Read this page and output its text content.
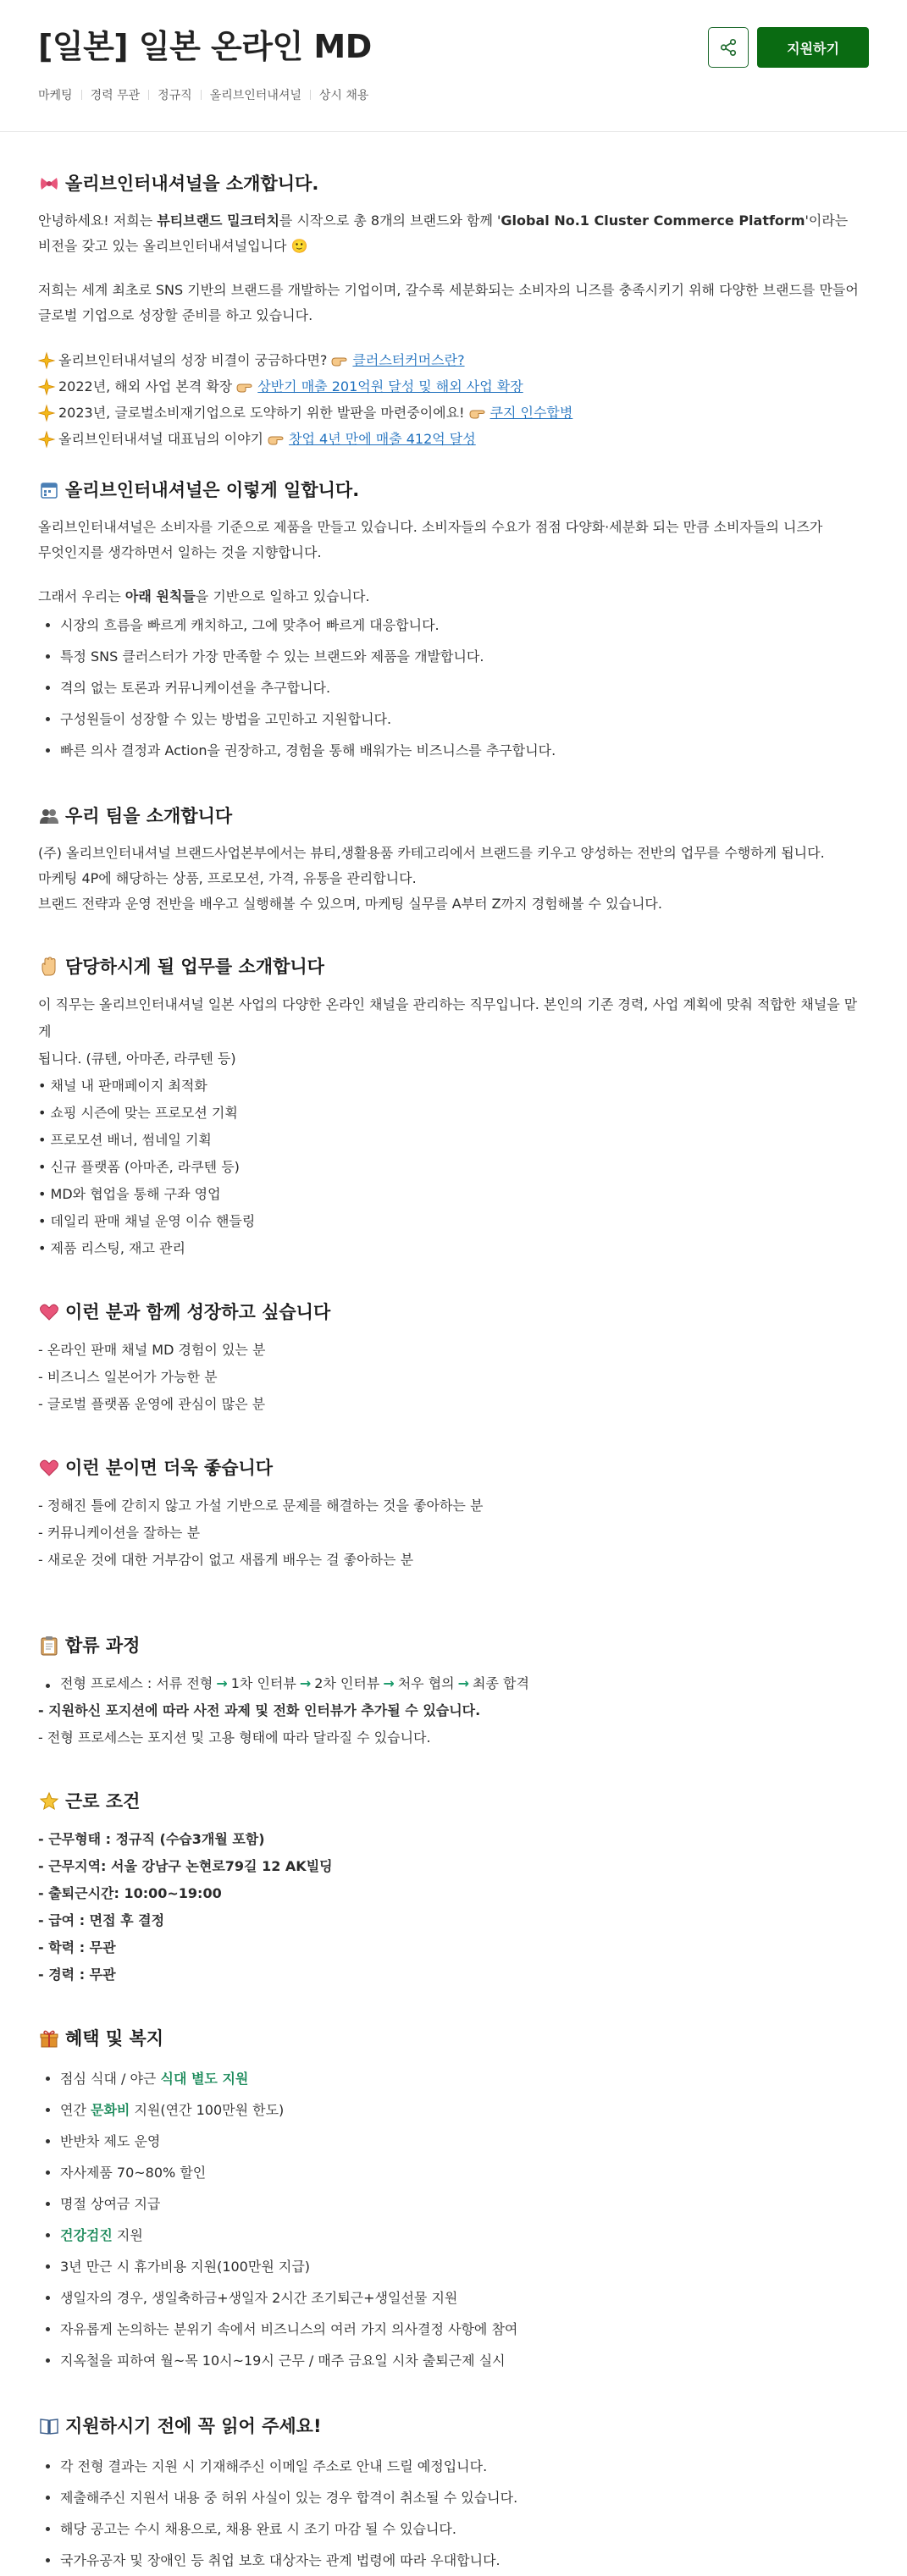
[일본] 일본 온라인 MD
마케팅 경력 무관 정규직 올리브인터내셔널 상시 채용
지원하기
올리브인터내셔널을 소개합니다.

안녕하세요! 저희는 뷰티브랜드 밀크터치를 시작으로 총 8개의 브랜드와 함께 'Global No.1 Cluster Commerce Platform'이라는
비전을 갖고 있는 올리브인터내셔널입니다 🙂

저희는 세계 최초로 SNS 기반의 브랜드를 개발하는 기업이며, 갈수록 세분화되는 소비자의 니즈를 충족시키기 위해 다양한 브랜드를 만들어
글로벌 기업으로 성장할 준비를 하고 있습니다.

올리브인터내셔널의 성장 비결이 궁금하다면? 클러스터커머스란?
2022년, 해외 사업 본격 확장 상반기 매출 201억원 달성 및 해외 사업 확장
2023년, 글로벌소비재기업으로 도약하기 위한 발판을 마련중이에요! 쿠지 인수합병
올리브인터내셔널 대표님의 이야기 창업 4년 만에 매출 412억 달성
올리브인터내셔널은 이렇게 일합니다.

올리브인터내셔널은 소비자를 기준으로 제품을 만들고 있습니다. 소비자들의 수요가 점점 다양화·세분화 되는 만큼 소비자들의 니즈가
무엇인지를 생각하면서 일하는 것을 지향합니다.

그래서 우리는 아래 원칙들을 기반으로 일하고 있습니다.

시장의 흐름을 빠르게 캐치하고, 그에 맞추어 빠르게 대응합니다.
특정 SNS 클러스터가 가장 만족할 수 있는 브랜드와 제품을 개발합니다.
격의 없는 토론과 커뮤니케이션을 추구합니다.
구성원들이 성장할 수 있는 방법을 고민하고 지원합니다.
빠른 의사 결정과 Action을 권장하고, 경험을 통해 배워가는 비즈니스를 추구합니다.
우리 팀을 소개합니다

(주) 올리브인터내셔널 브랜드사업본부에서는 뷰티,생활용품 카테고리에서 브랜드를 키우고 양성하는 전반의 업무를 수행하게 됩니다.

마케팅 4P에 해당하는 상품, 프로모션, 가격, 유통을 관리합니다.

브랜드 전략과 운영 전반을 배우고 실행해볼 수 있으며, 마케팅 실무를 A부터 Z까지 경험해볼 수 있습니다.

담당하시게 될 업무를 소개합니다

이 직무는 올리브인터내셔널 일본 사업의 다양한 온라인 채널을 관리하는 직무입니다. 본인의 기존 경력, 사업 계획에 맞춰 적합한 채널을 맡게

됩니다. (큐텐, 아마존, 라쿠텐 등)

• 채널 내 판매페이지 최적화

• 쇼핑 시즌에 맞는 프로모션 기획

• 프로모션 배너, 썸네일 기획

• 신규 플랫폼 (아마존, 라쿠텐 등)

• MD와 협업을 통해 구좌 영업

• 데일리 판매 채널 운영 이슈 핸들링

• 제품 리스팅, 재고 관리

이런 분과 함께 성장하고 싶습니다

- 온라인 판매 채널 MD 경험이 있는 분

- 비즈니스 일본어가 가능한 분

- 글로벌 플랫폼 운영에 관심이 많은 분

이런 분이면 더욱 좋습니다

- 정해진 틀에 갇히지 않고 가설 기반으로 문제를 해결하는 것을 좋아하는 분

- 커뮤니케이션을 잘하는 분

- 새로운 것에 대한 거부감이 없고 새롭게 배우는 걸 좋아하는 분

합류 과정
전형 프로세스 : 서류 전형 → 1차 인터뷰 → 2차 인터뷰 → 처우 협의 → 최종 합격

- 지원하신 포지션에 따라 사전 과제 및 전화 인터뷰가 추가될 수 있습니다.

- 전형 프로세스는 포지션 및 고용 형태에 따라 달라질 수 있습니다.

근로 조건

- 근무형태 : 정규직 (수습3개월 포함)

- 근무지역: 서울 강남구 논현로79길 12 AK빌딩

- 출퇴근시간: 10:00~19:00

- 급여 : 면접 후 결정

- 학력 : 무관

- 경력 : 무관

혜택 및 복지
점심 식대 / 야근 식대 별도 지원
연간 문화비 지원(연간 100만원 한도)
반반차 제도 운영
자사제품 70~80% 할인
명절 상여금 지급
건강검진 지원
3년 만근 시 휴가비용 지원(100만원 지급)
생일자의 경우, 생일축하금+생일자 2시간 조기퇴근+생일선물 지원
자유롭게 논의하는 분위기 속에서 비즈니스의 여러 가지 의사결정 사항에 참여
지옥철을 피하여 월~목 10시~19시 근무 / 매주 금요일 시차 출퇴근제 실시
지원하시기 전에 꼭 읽어 주세요!
각 전형 결과는 지원 시 기재해주신 이메일 주소로 안내 드릴 예정입니다.
제출해주신 지원서 내용 중 허위 사실이 있는 경우 합격이 취소될 수 있습니다.
해당 공고는 수시 채용으로, 채용 완료 시 조기 마감 될 수 있습니다.
국가유공자 및 장애인 등 취업 보호 대상자는 관계 법령에 따라 우대합니다.
